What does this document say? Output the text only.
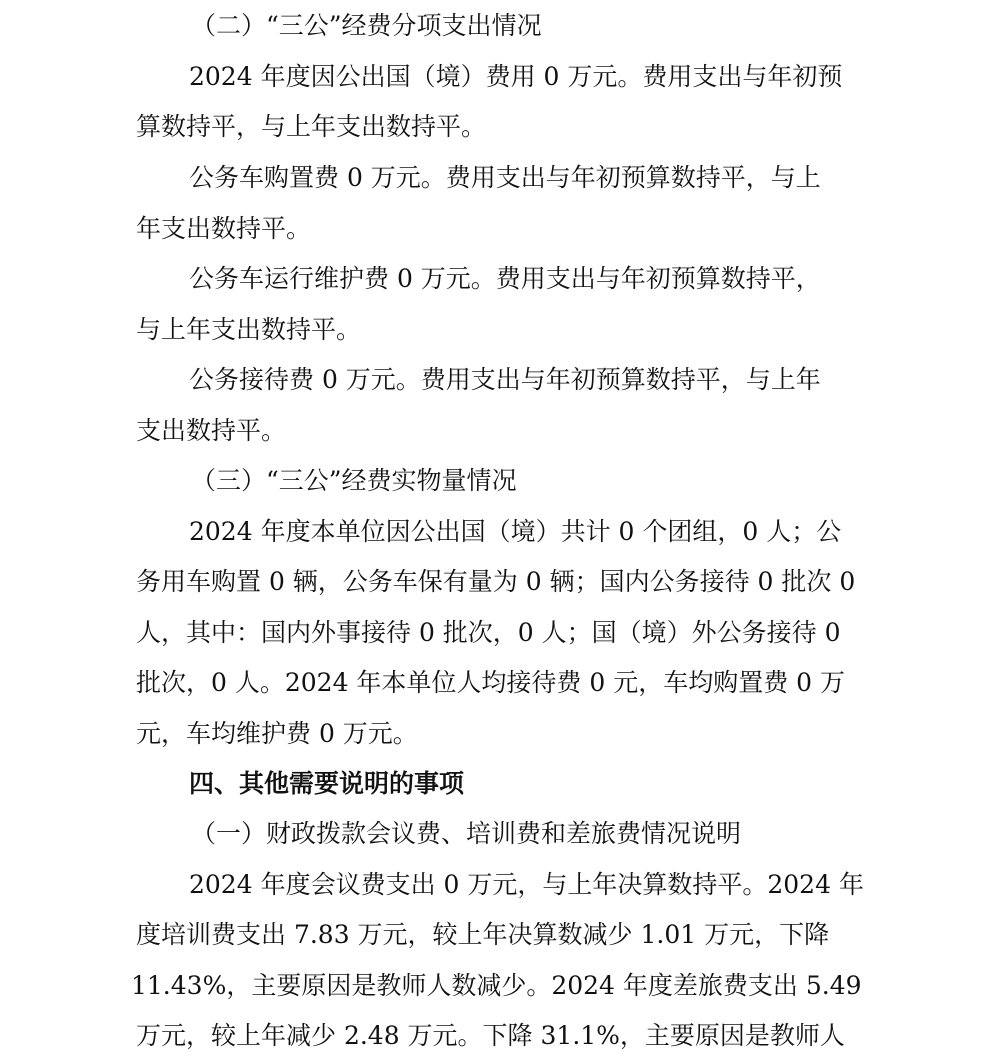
（二）“三公”经费分项支出情况
2024 年度因公出国（境）费用 0 万元。费用支出与年初预
算数持平，与上年支出数持平。
公务车购置费 0 万元。费用支出与年初预算数持平，与上
年支出数持平。
公务车运行维护费 0 万元。费用支出与年初预算数持平，
与上年支出数持平。
公务接待费 0 万元。费用支出与年初预算数持平，与上年
支出数持平。
（三）“三公”经费实物量情况
2024 年度本单位因公出国（境）共计 0 个团组，0 人；公
务用车购置 0 辆，公务车保有量为 0 辆；国内公务接待 0 批次 0
人，其中：国内外事接待 0 批次，0 人；国（境）外公务接待 0
批次，0 人。2024 年本单位人均接待费 0 元，车均购置费 0 万
元，车均维护费 0 万元。
四、其他需要说明的事项
（一）财政拨款会议费、培训费和差旅费情况说明
2024 年度会议费支出 0 万元，与上年决算数持平。2024 年
度培训费支出 7.83 万元，较上年决算数减少 1.01 万元，下降
11.43%，主要原因是教师人数减少。2024 年度差旅费支出 5.49
万元，较上年减少 2.48 万元。下降 31.1%，主要原因是教师人
